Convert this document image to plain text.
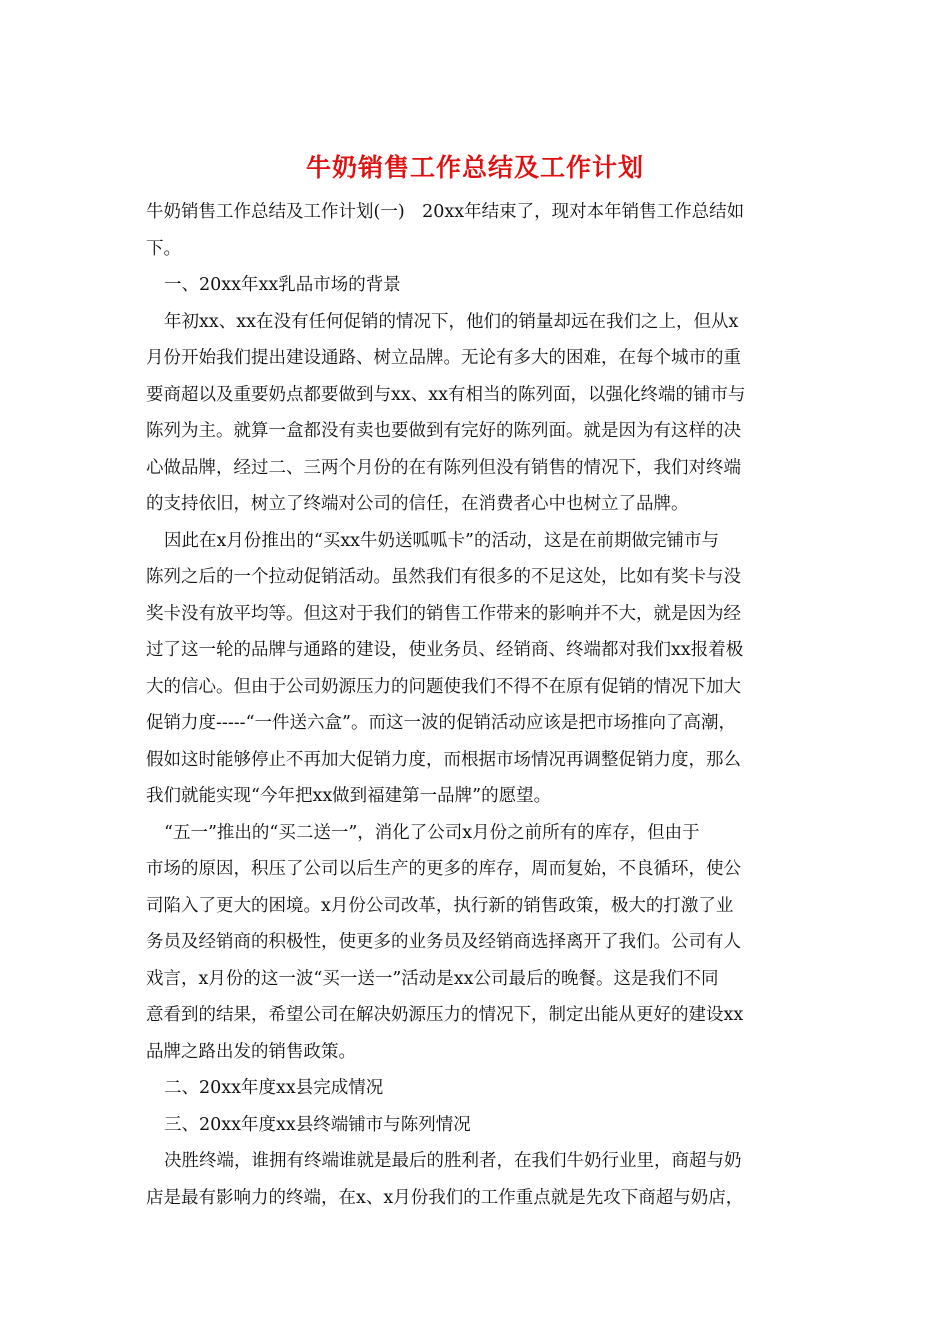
牛奶销售工作总结及工作计划
牛奶销售工作总结及工作计划(一)　20xx年结束了，现对本年销售工作总结如
下。
一、20xx年xx乳品市场的背景
年初xx、xx在没有任何促销的情况下，他们的销量却远在我们之上，但从x
月份开始我们提出建设通路、树立品牌。无论有多大的困难，在每个城市的重
要商超以及重要奶点都要做到与xx、xx有相当的陈列面，以强化终端的铺市与
陈列为主。就算一盒都没有卖也要做到有完好的陈列面。就是因为有这样的决
心做品牌，经过二、三两个月份的在有陈列但没有销售的情况下，我们对终端
的支持依旧，树立了终端对公司的信任，在消费者心中也树立了品牌。
因此在x月份推出的“买xx牛奶送呱呱卡”的活动，这是在前期做完铺市与
陈列之后的一个拉动促销活动。虽然我们有很多的不足这处，比如有奖卡与没
奖卡没有放平均等。但这对于我们的销售工作带来的影响并不大，就是因为经
过了这一轮的品牌与通路的建设，使业务员、经销商、终端都对我们xx报着极
大的信心。但由于公司奶源压力的问题使我们不得不在原有促销的情况下加大
促销力度-----“一件送六盒”。而这一波的促销活动应该是把市场推向了高潮，
假如这时能够停止不再加大促销力度，而根据市场情况再调整促销力度，那么
我们就能实现“今年把xx做到福建第一品牌”的愿望。
“五一”推出的“买二送一”，消化了公司x月份之前所有的库存，但由于
市场的原因，积压了公司以后生产的更多的库存，周而复始，不良循环，使公
司陷入了更大的困境。x月份公司改革，执行新的销售政策，极大的打激了业
务员及经销商的积极性，使更多的业务员及经销商选择离开了我们。公司有人
戏言，x月份的这一波“买一送一”活动是xx公司最后的晚餐。这是我们不同
意看到的结果，希望公司在解决奶源压力的情况下，制定出能从更好的建设xx
品牌之路出发的销售政策。
二、20xx年度xx县完成情况
三、20xx年度xx县终端铺市与陈列情况
决胜终端，谁拥有终端谁就是最后的胜利者，在我们牛奶行业里，商超与奶
店是最有影响力的终端，在x、x月份我们的工作重点就是先攻下商超与奶店，
